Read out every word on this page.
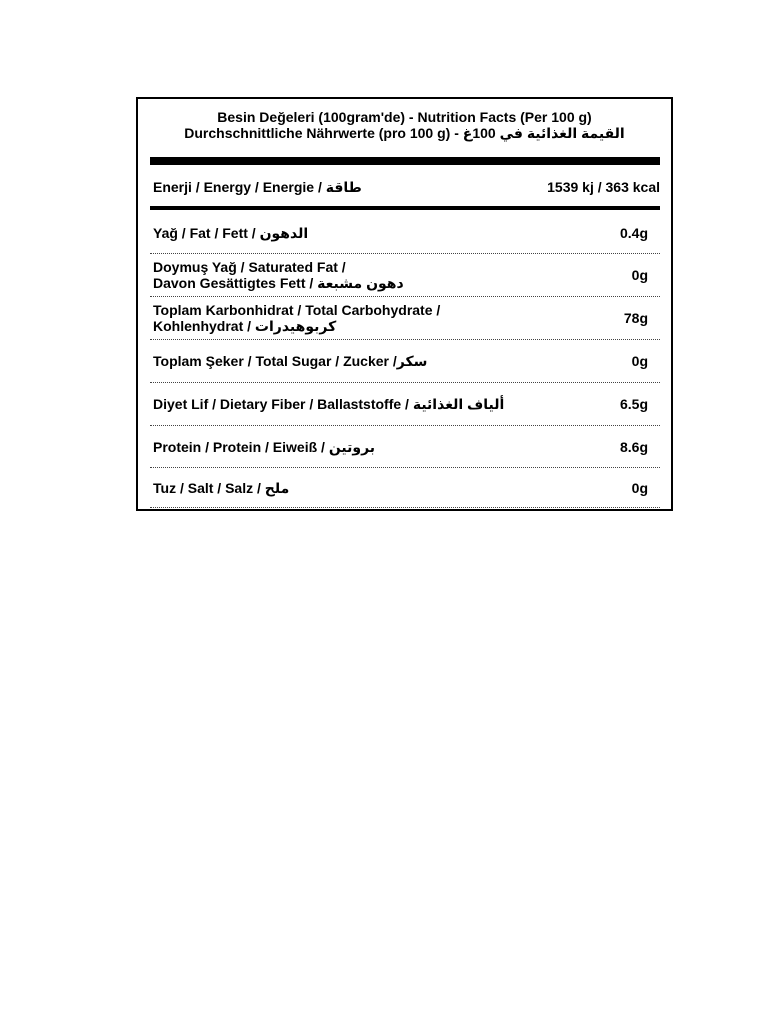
Besin Değeleri (100gram'de) - Nutrition Facts (Per 100 g)
Durchschnittliche Nährwerte (pro 100 g) - القيمة الغذائية في 100غ
Enerji / Energy / Energie / طاقة	1539 kj / 363 kcal
Yağ / Fat / Fett / الدهون	0.4g
Doymuş Yağ / Saturated Fat /
Davon Gesättigtes Fett / دهون مشبعة	0g
Toplam Karbonhidrat / Total Carbohydrate /
Kohlenhydrat / كربوهيدرات	78g
Toplam Şeker / Total Sugar / Zucker /سكر	0g
Diyet Lif / Dietary Fiber / Ballaststoffe / ألياف الغذائية	6.5g
Protein / Protein / Eiweiß / بروتين	8.6g
Tuz / Salt / Salz / ملح	0g
